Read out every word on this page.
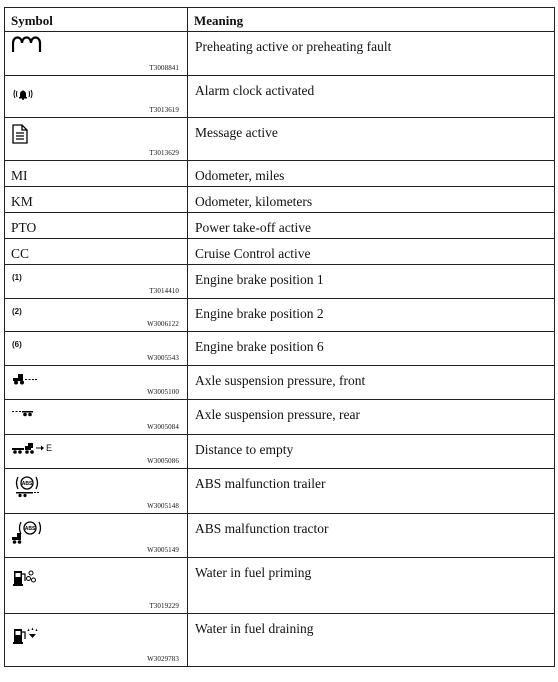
Symbol	Meaning

T3008841	Preheating active or preheating fault

T3013619	Alarm clock activated

T3013629	Message active
MI	Odometer, miles
KM	Odometer, kilometers
PTO	Power take-off active
CC	Cruise Control active

(1)
T3014410	Engine brake position 1

(2)
W3006122	Engine brake position 2

(6)
W3005543	Engine brake position 6

W3005100	Axle suspension pressure, front

W3005084	Axle suspension pressure, rear

E
W3005086	Distance to empty

ABS
W3005148	ABS malfunction trailer

ABS
W3005149	ABS malfunction tractor

T3019229	Water in fuel priming

W3029783	Water in fuel draining
